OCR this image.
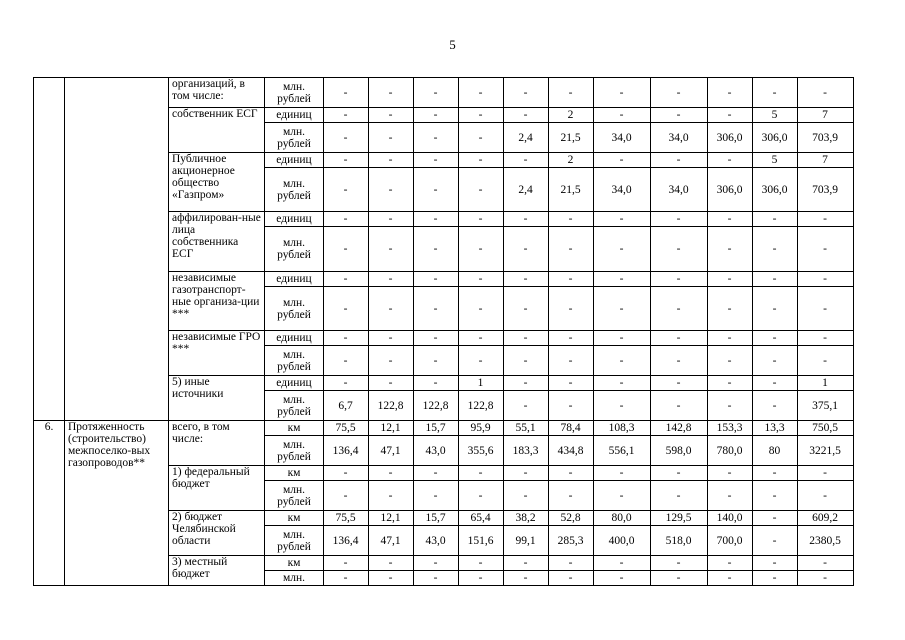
5
		организаций, в том числе:	млн. рублей	-	-	-	-	-	-	-	-	-	-	-
		собственник ЕСГ	единиц	-	-	-	-	-	2	-	-	-	5	7
			млн. рублей	-	-	-	-	2,4	21,5	34,0	34,0	306,0	306,0	703,9
		Публичное акционерное общество «Газпром»	единиц	-	-	-	-	-	2	-	-	-	5	7
			млн. рублей	-	-	-	-	2,4	21,5	34,0	34,0	306,0	306,0	703,9
		аффилирован-ные лица собственника ЕСГ	единиц	-	-	-	-	-	-	-	-	-	-	-
			млн. рублей	-	-	-	-	-	-	-	-	-	-	-
		независимые газотранспорт-ные организа-ции ***	единиц	-	-	-	-	-	-	-	-	-	-	-
			млн. рублей	-	-	-	-	-	-	-	-	-	-	-
		независимые ГРО ***	единиц	-	-	-	-	-	-	-	-	-	-	-
			млн. рублей	-	-	-	-	-	-	-	-	-	-	-
		5) иные источники	единиц	-	-	-	1	-	-	-	-	-	-	1
			млн. рублей	6,7	122,8	122,8	122,8	-	-	-	-	-	-	375,1
6.	Протяженность (строительство) межпоселко-вых газопроводов**	всего, в том числе:	км	75,5	12,1	15,7	95,9	55,1	78,4	108,3	142,8	153,3	13,3	750,5
			млн. рублей	136,4	47,1	43,0	355,6	183,3	434,8	556,1	598,0	780,0	80	3221,5
		1) федеральный бюджет	км	-	-	-	-	-	-	-	-	-	-	-
			млн. рублей	-	-	-	-	-	-	-	-	-	-	-
		2) бюджет Челябинской области	км	75,5	12,1	15,7	65,4	38,2	52,8	80,0	129,5	140,0	-	609,2
			млн. рублей	136,4	47,1	43,0	151,6	99,1	285,3	400,0	518,0	700,0	-	2380,5
		3) местный бюджет	км	-	-	-	-	-	-	-	-	-	-	-
			млн.	-	-	-	-	-	-	-	-	-	-	-
